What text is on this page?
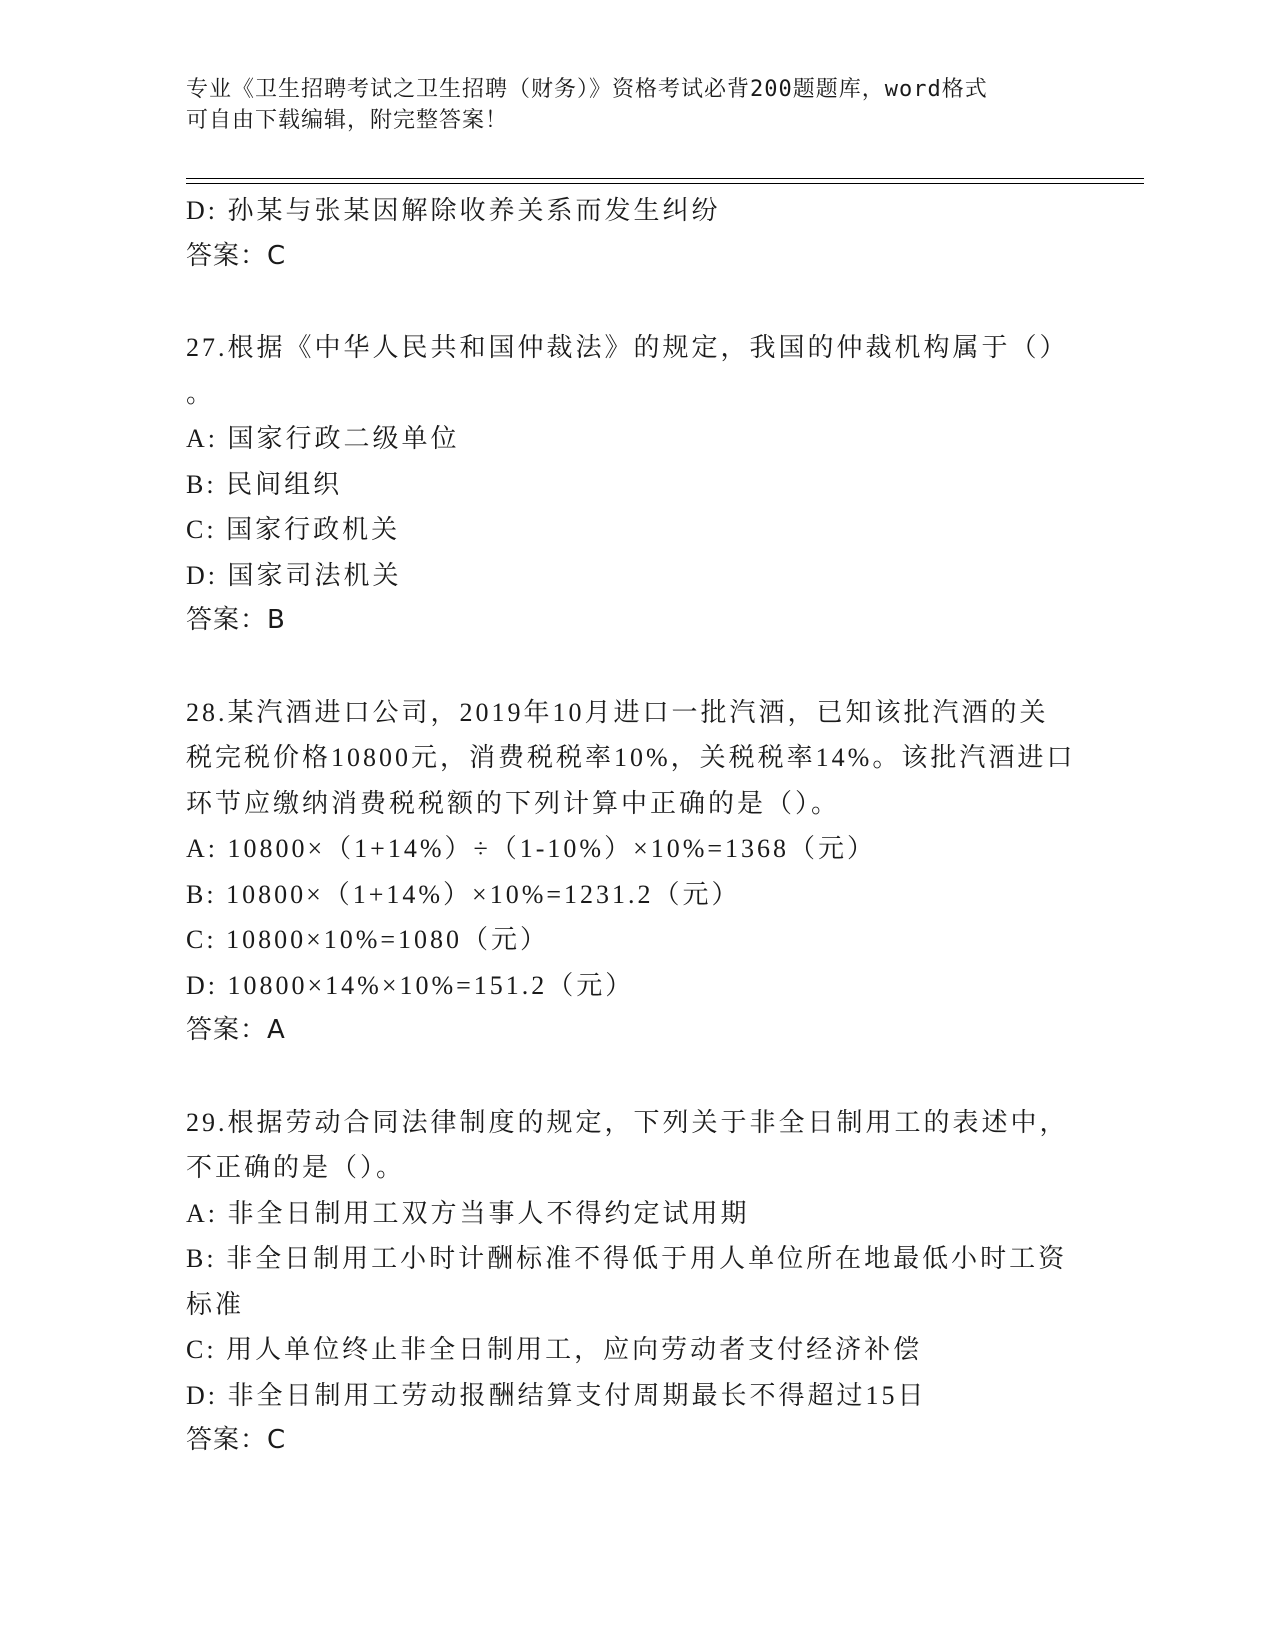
专业《卫生招聘考试之卫生招聘（财务）》资格考试必背200题题库，word格式
可自由下载编辑，附完整答案！

D: 孙某与张某因解除收养关系而发生纠纷

答案：C

27.根据《中华人民共和国仲裁法》的规定，我国的仲裁机构属于（）

。

A: 国家行政二级单位

B: 民间组织

C: 国家行政机关

D: 国家司法机关

答案：B

28.某汽酒进口公司，2019年10月进口一批汽酒，已知该批汽酒的关

税完税价格10800元，消费税税率10%，关税税率14%。该批汽酒进口

环节应缴纳消费税税额的下列计算中正确的是（）。

A: 10800×（1+14%）÷（1-10%）×10%=1368（元）

B: 10800×（1+14%）×10%=1231.2（元）

C: 10800×10%=1080（元）

D: 10800×14%×10%=151.2（元）

答案：A

29.根据劳动合同法律制度的规定，下列关于非全日制用工的表述中，

不正确的是（）。

A: 非全日制用工双方当事人不得约定试用期

B: 非全日制用工小时计酬标准不得低于用人单位所在地最低小时工资

标准

C: 用人单位终止非全日制用工，应向劳动者支付经济补偿

D: 非全日制用工劳动报酬结算支付周期最长不得超过15日

答案：C
